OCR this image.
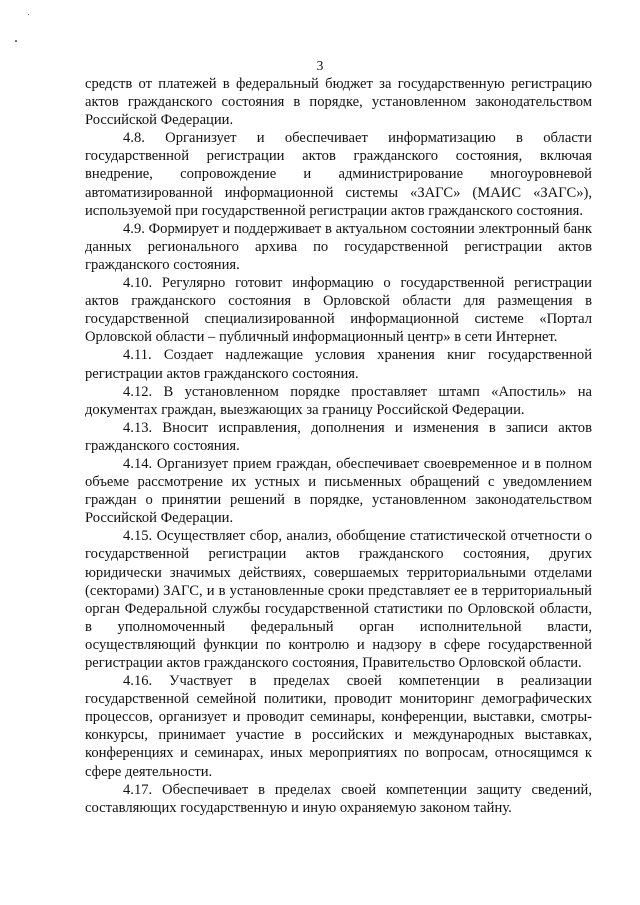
3

средств от платежей в федеральный бюджет за государственную регистрацию актов гражданского состояния в порядке, установленном законодательством Российской Федерации.

4.8. Организует и обеспечивает информатизацию в области государственной регистрации актов гражданского состояния, включая внедрение, сопровождение и администрирование многоуровневой автоматизированной информационной системы «ЗАГС» (МАИС «ЗАГС»), используемой при государственной регистрации актов гражданского состояния.

4.9. Формирует и поддерживает в актуальном состоянии электронный банк данных регионального архива по государственной регистрации актов гражданского состояния.

4.10. Регулярно готовит информацию о государственной регистрации актов гражданского состояния в Орловской области для размещения в государственной специализированной информационной системе «Портал Орловской области – публичный информационный центр» в сети Интернет.

4.11. Создает надлежащие условия хранения книг государственной регистрации актов гражданского состояния.

4.12. В установленном порядке проставляет штамп «Апостиль» на документах граждан, выезжающих за границу Российской Федерации.

4.13. Вносит исправления, дополнения и изменения в записи актов гражданского состояния.

4.14. Организует прием граждан, обеспечивает своевременное и в полном объеме рассмотрение их устных и письменных обращений с уведомлением граждан о принятии решений в порядке, установленном законодательством Российской Федерации.

4.15. Осуществляет сбор, анализ, обобщение статистической отчетности о государственной регистрации актов гражданского состояния, других юридически значимых действиях, совершаемых территориальными отделами (секторами) ЗАГС, и в установленные сроки представляет ее в территориальный орган Федеральной службы государственной статистики по Орловской области, в уполномоченный федеральный орган исполнительной власти, осуществляющий функции по контролю и надзору в сфере государственной регистрации актов гражданского состояния, Правительство Орловской области.

4.16. Участвует в пределах своей компетенции в реализации государственной семейной политики, проводит мониторинг демографических процессов, организует и проводит семинары, конференции, выставки, смотры-конкурсы, принимает участие в российских и международных выставках, конференциях и семинарах, иных мероприятиях по вопросам, относящимся к сфере деятельности.

4.17. Обеспечивает в пределах своей компетенции защиту сведений, составляющих государственную и иную охраняемую законом тайну.
